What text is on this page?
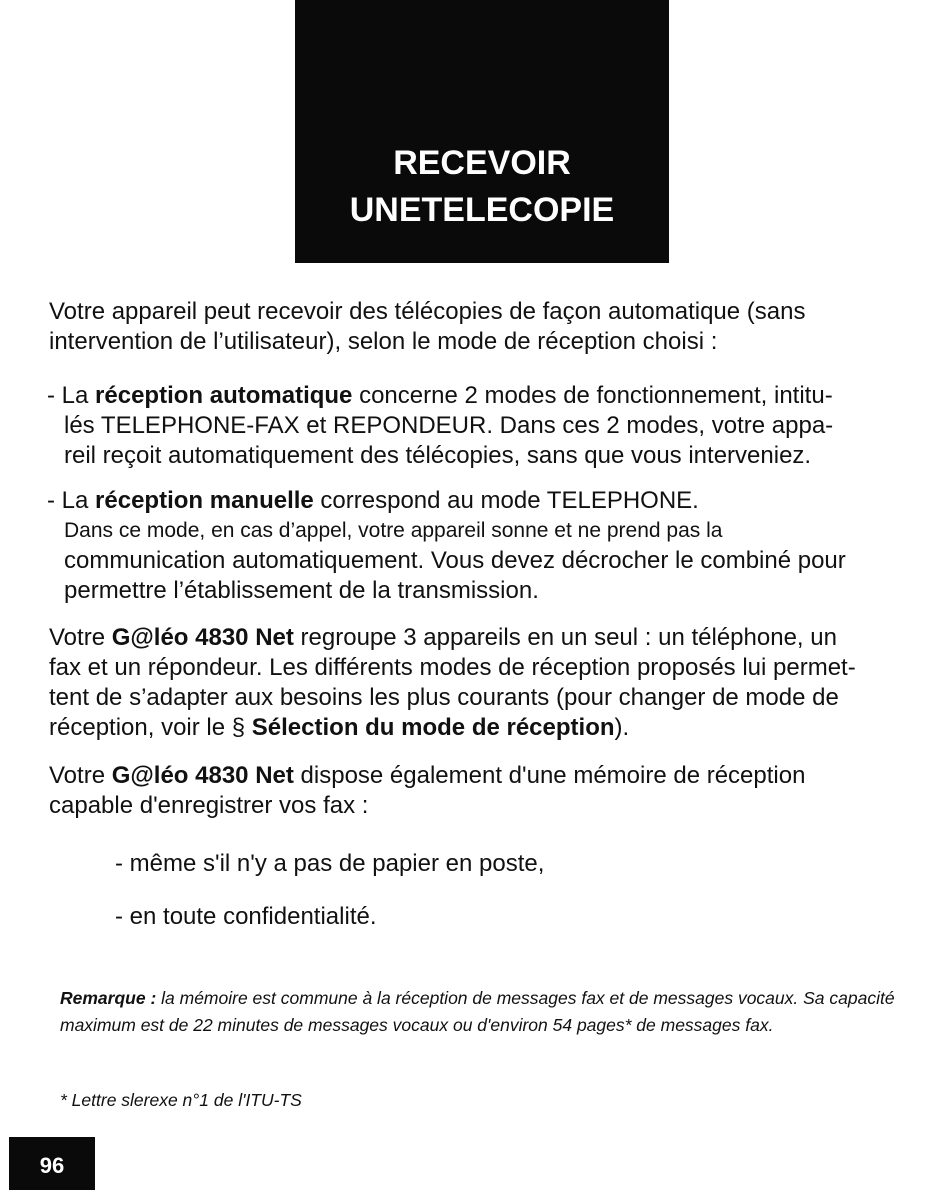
RECEVOIR
UNETELECOPIE

Votre appareil peut recevoir des télécopies de façon automatique (sans intervention de l’utilisateur), selon le mode de réception choisi :

- La réception automatique concerne 2 modes de fonctionnement, intitu-
lés TELEPHONE-FAX et REPONDEUR. Dans ces 2 modes, votre appa-
reil reçoit automatiquement des télécopies, sans que vous interveniez.
- La réception manuelle correspond au mode TELEPHONE.
Dans ce mode, en cas d’appel, votre appareil sonne et ne prend pas la
communication automatiquement. Vous devez décrocher le combiné pour
permettre l’établissement de la transmission.
Votre G@léo 4830 Net regroupe 3 appareils en un seul : un téléphone, un
fax et un répondeur. Les différents modes de réception proposés lui permet-
tent de s’adapter aux besoins les plus courants (pour changer de mode de
réception, voir le § Sélection du mode de réception).
Votre G@léo 4830 Net dispose également d'une mémoire de réception
capable d'enregistrer vos fax :
- même s'il n'y a pas de papier en poste,
- en toute confidentialité.
Remarque : la mémoire est commune à la réception de messages fax et de messages vocaux. Sa capacité maximum est de 22 minutes de messages vocaux ou d'environ 54 pages* de messages fax.
* Lettre slerexe n°1 de l'ITU-TS
96
